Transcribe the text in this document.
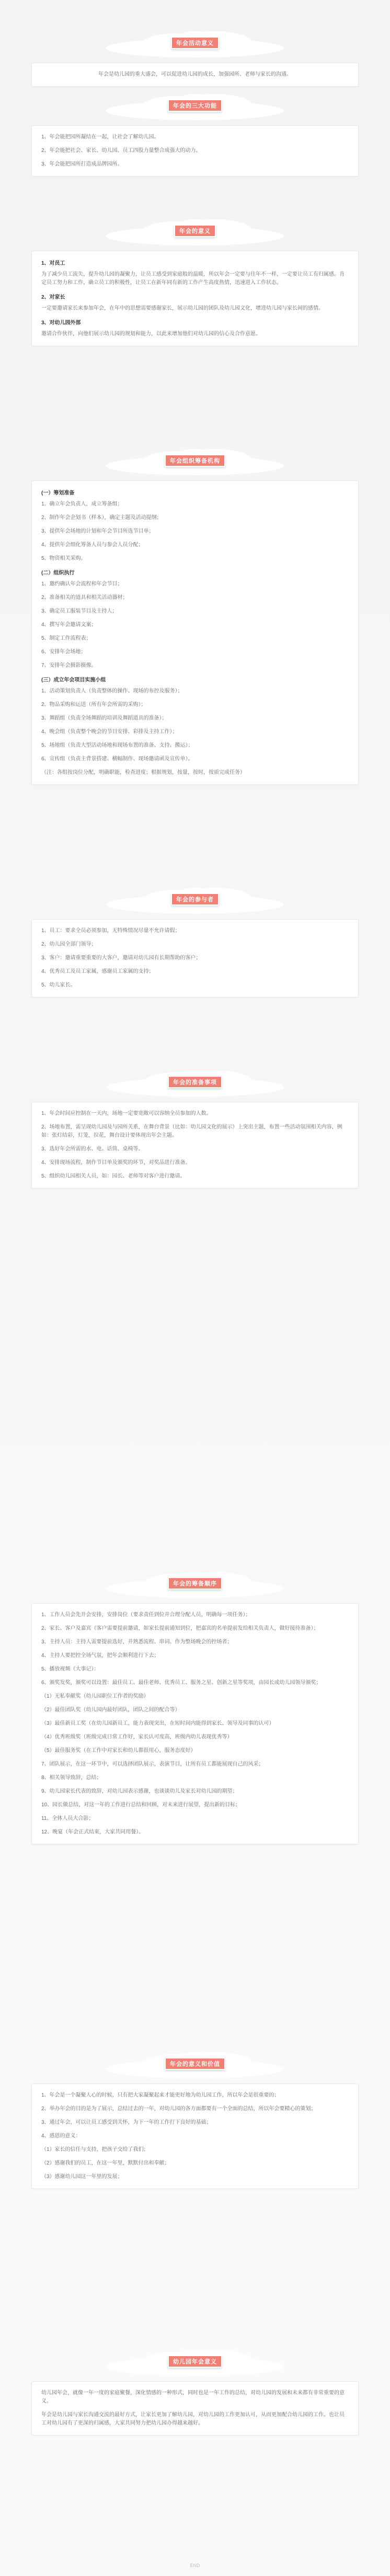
年会活动意义

年会是幼儿园的重大盛会，可以促进幼儿园的成长，加强园所、老师与家长的沟通。

年会的三大功能

1、年会能把园所凝结在一起，让社会了解幼儿园。

2、年会能把社会、家长、幼儿园、员工四股力量整合成强大的动力。

3、年会能把园所打造成品牌园所。

年会的意义
1、对员工

为了减少员工流失，提升幼儿园的凝聚力，让员工感受到家庭般的温暖，所以年会一定要与往年不一样，一定要让员工有归属感。肯定员工努力和工作，确立员工的积极性，让员工在新年同有新的工作产生高度热情，迅速进入工作状态。

2、对家长

一定要邀请家长来参加年会，在年中的思想需要感谢家长，展示幼儿园的团队及幼儿园文化，增进幼儿园与家长间的感情。

3、对幼儿园外部

邀请合作伙伴，向他们展示幼儿园的规划和能力，以此来增加他们对幼儿园的信心及合作意愿。

年会组织筹备机构
(一）筹划准备

1、确立年会负责人，成立筹备组；

2、制作年会企划书（样本），确定主题及活动提纲；

3、提供年会场地的计划和年会节目所选节目单；

4、提供年会细化筹备人员与参会人员分配；

5、物资相关采购。

(二）组织执行

1、邀约确认年会流程和年会节目；

2、准备相关的道具和相关活动器材；

3、确定员工服装节目及主持人；

4、撰写年会邀请文案；

5、制定工作流程表；

6、安排年会场地；

7、安排年会摄影摄像。

(三）成立年会项目实施小组

1、活动策划负责人（负责整体的操作、现场的布控及服务）；

2、物品采购和运送（所有年会所需的采购）；

3、舞蹈组（负责全场舞蹈的培训及舞蹈道具的准备）；

4、晚会组（负责整个晚会的节目安排、彩排及主持工作）；

5、场地组（负责大型活动场地和现场布置的准备、支持、搬运）；

6、宣传组（负责主背景搭建、横幅制作、现场邀请函及宣传单）。

（注：各组按岗位分配，明确职能，检查进度；根据规划，按量，按时，按质完成任务）

年会的参与者

1、员工：要求全员必须参加，无特殊情况尽量不允许请假；

2、幼儿园全部门领导；

3、客户：邀请重要重要的大客户，邀请对幼儿园有长期帮助的客户；

4、优秀员工及员工家属，感谢员工家属的支持；

5、幼儿家长。

年会的准备事项

1、年会时间应控制在一天内，场地一定要宽敞可以容纳全员参加的人数。

2、场地布置，需呈现幼儿园及与园所关系，在舞台背景（比如：幼儿园文化的展示）上突出主题，布置一些活动氛围相关内容，例如：张灯结彩，灯笼，拉花，舞台设计要体现出年会主题。

3、选好年会所需的水、电、话筒、桌椅等。

4、安排现场流程，制作节目单及颁奖的环节，对奖品进行准备。

5、组织幼儿园相关人员，如：园长、老师等对客户进行邀请。

年会的筹备顺序

1、工作人员会先开会安排，安排岗位（要求责任到位并合理分配人员，明确每一项任务）；

2、家长、客户及嘉宾（客户需要提前邀请，如家长提前通知到位，把嘉宾的名单提前发给相关负责人，做好接待准备）；

3、主持人员：主持人需要提前选好，并熟悉流程、串词、作为整场晚会的控场者；

4、主持人要把控全场气氛，把年会顺利进行下去；

5、播放视频（大事记）：

6、颁奖发奖，颁奖可以设置：最佳员工、最佳老师、优秀员工、服务之星、创新之星等奖项，由园长或幼儿园领导颁奖；

（1）无私奉献奖（幼儿园职位工作者的奖励）

（2）最佳团队奖（幼儿园内最好团队，团队之间的配合等）

（3）最佳新员工奖（在幼儿园新员工，能力表现突出，在短时间内能得到家长、领导及同事的认可）

（4）优秀班级奖（班级完成日常工作好，家长认可度高，班级内幼儿表现优秀等）

（5）最佳服务奖（在工作中对家长和幼儿都很用心，服务态度好）

7、团队展示，在这一环节中，可以选择团队展示，表演节目，让所有员工都能展现自己的风采；

8、相关领导致辞，总结；

9、幼儿园家长代表的致辞，对幼儿园表示感谢，也谈谈幼儿及家长对幼儿园的期望；

10、园长做总结，对这一年的工作进行总结和回顾，对未来进行展望，提出新的目标；

11、全体人员大合影；

12、晚宴（年会正式结束，大家共同用餐）。

年会的意义和价值

1、年会是一个凝聚人心的时候，只有把大家凝聚起来才能更好地为幼儿园工作，所以年会是很重要的；

2、举办年会的目的是为了展示，总结过去的一年，对幼儿园的各方面都要有一个全面的总结，所以年会要精心的策划；

3、通过年会，可以让员工感受到关怀，为下一年的工作打下良好的基础；

4、感恩的意义：

（1）家长的信任与支持，把孩子交给了我们；

（2）感谢我们的员工，在这一年里，默默付出和奉献；

（3）感谢幼儿园这一年里的发展；

幼儿园年会意义

幼儿园年会，就像一年一度的家庭聚餐，深化情感的一种形式，同时也是一年工作的总结，对幼儿园的发展和未来都有非常重要的意义。

年会是幼儿园与家长沟通交流的最好方式，让家长更加了解幼儿园，对幼儿园的工作更加认可，从而更加配合幼儿园的工作。也让员工对幼儿园有了更深的归属感，大家共同努力把幼儿园办得越来越好。

END
